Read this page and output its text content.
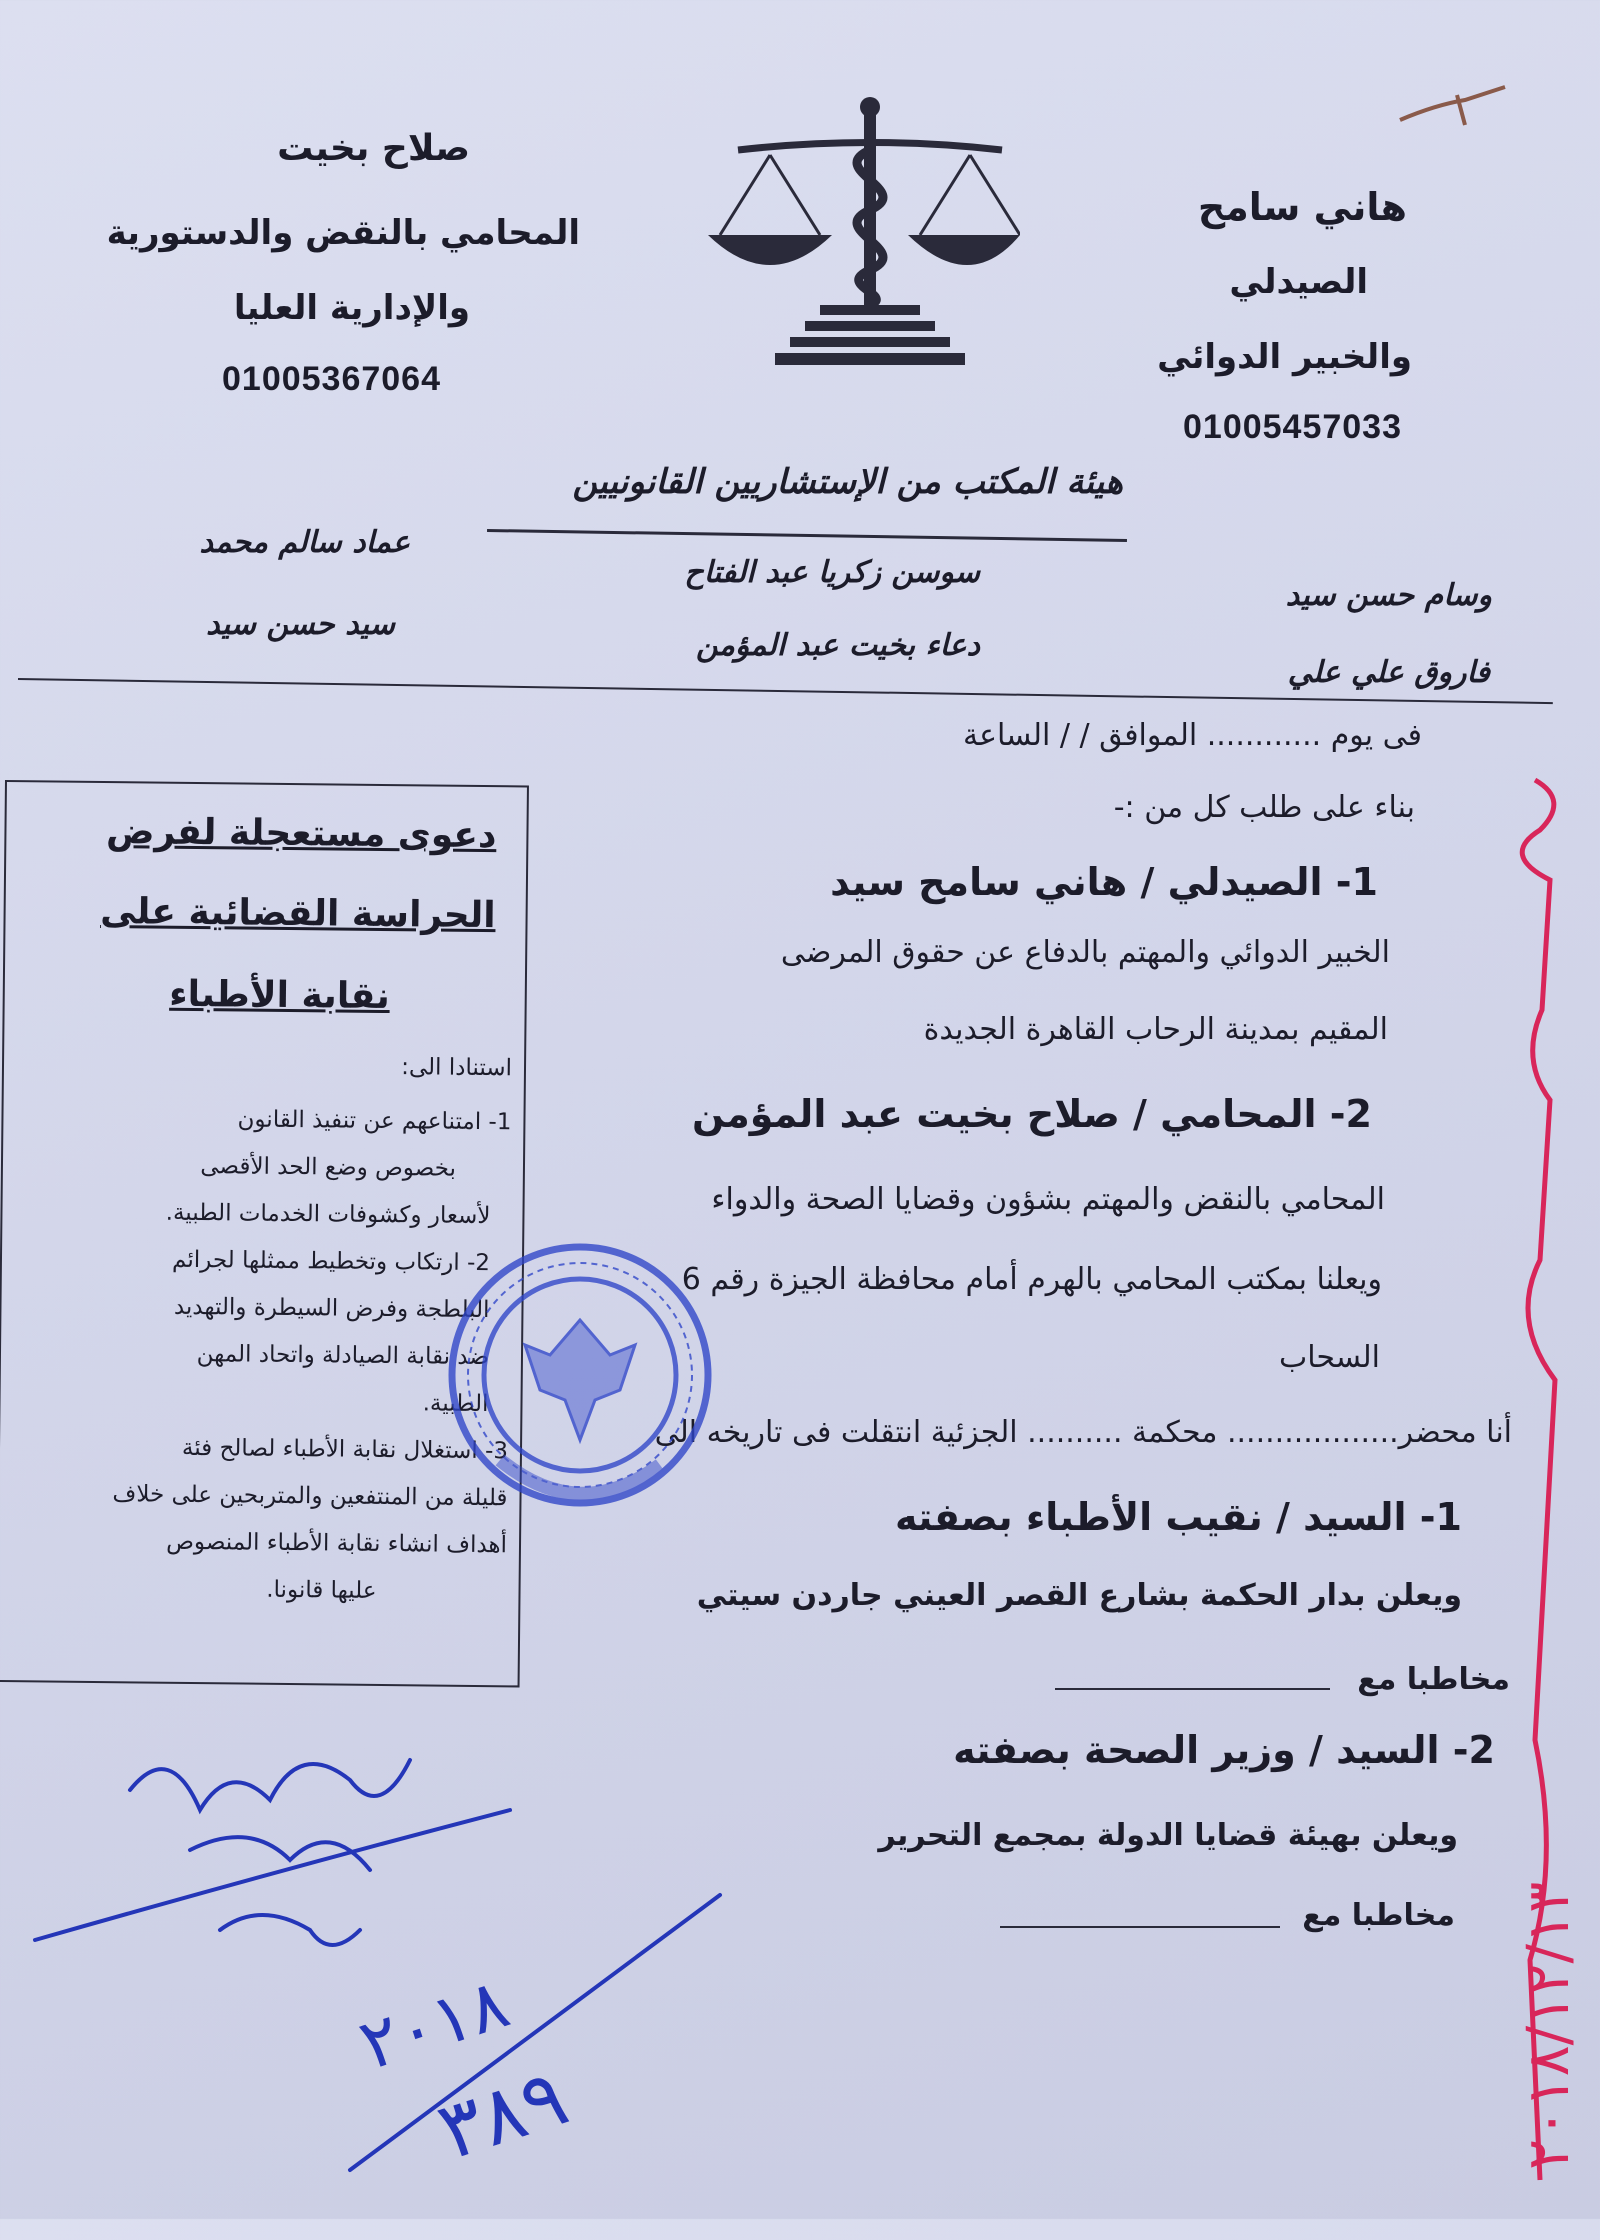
صلاح بخيت
المحامي بالنقض والدستورية
والإدارية العليا
01005367064
هاني سامح
الصيدلي
والخبير الدوائي
01005457033
هيئة المكتب من الإستشاريين القانونيين
عماد سالم محمد
سيد حسن سيد
سوسن زكريا عبد الفتاح
دعاء بخيت عبد المؤمن
وسام حسن سيد
فاروق علي علي
فى يوم ............ الموافق / / الساعة
بناء على طلب كل من :-
1- الصيدلي / هاني سامح سيد
الخبير الدوائي والمهتم بالدفاع عن حقوق المرضى
المقيم بمدينة الرحاب القاهرة الجديدة
2- المحامي / صلاح بخيت عبد المؤمن
المحامي بالنقض والمهتم بشؤون وقضايا الصحة والدواء
ويعلنا بمكتب المحامي بالهرم أمام محافظة الجيزة رقم 6
السحاب
أنا محضر.................. محكمة .......... الجزئية انتقلت فى تاريخه الى
1- السيد / نقيب الأطباء بصفته
ويعلن بدار الحكمة بشارع القصر العيني جاردن سيتي
مخاطبا مع
2- السيد / وزير الصحة بصفته
ويعلن بهيئة قضايا الدولة بمجمع التحرير
مخاطبا مع
دعوى مستعجلة لفرض
الحراسة القضائية على
نقابة الأطباء
استنادا الى:
1- امتناعهم عن تنفيذ القانون
بخصوص وضع الحد الأقصى
لأسعار وكشوفات الخدمات الطبية.
2- ارتكاب وتخطيط ممثلها لجرائم
البلطجة وفرض السيطرة والتهديد
ضد نقابة الصيادلة واتحاد المهن
الطبية.
3- استغلال نقابة الأطباء لصالح فئة
قليلة من المنتفعين والمتربحين على خلاف
أهداف انشاء نقابة الأطباء المنصوص
عليها قانونا.
٢٠١٨/١٢/١٣
٢٠١٨
٣٨٩
